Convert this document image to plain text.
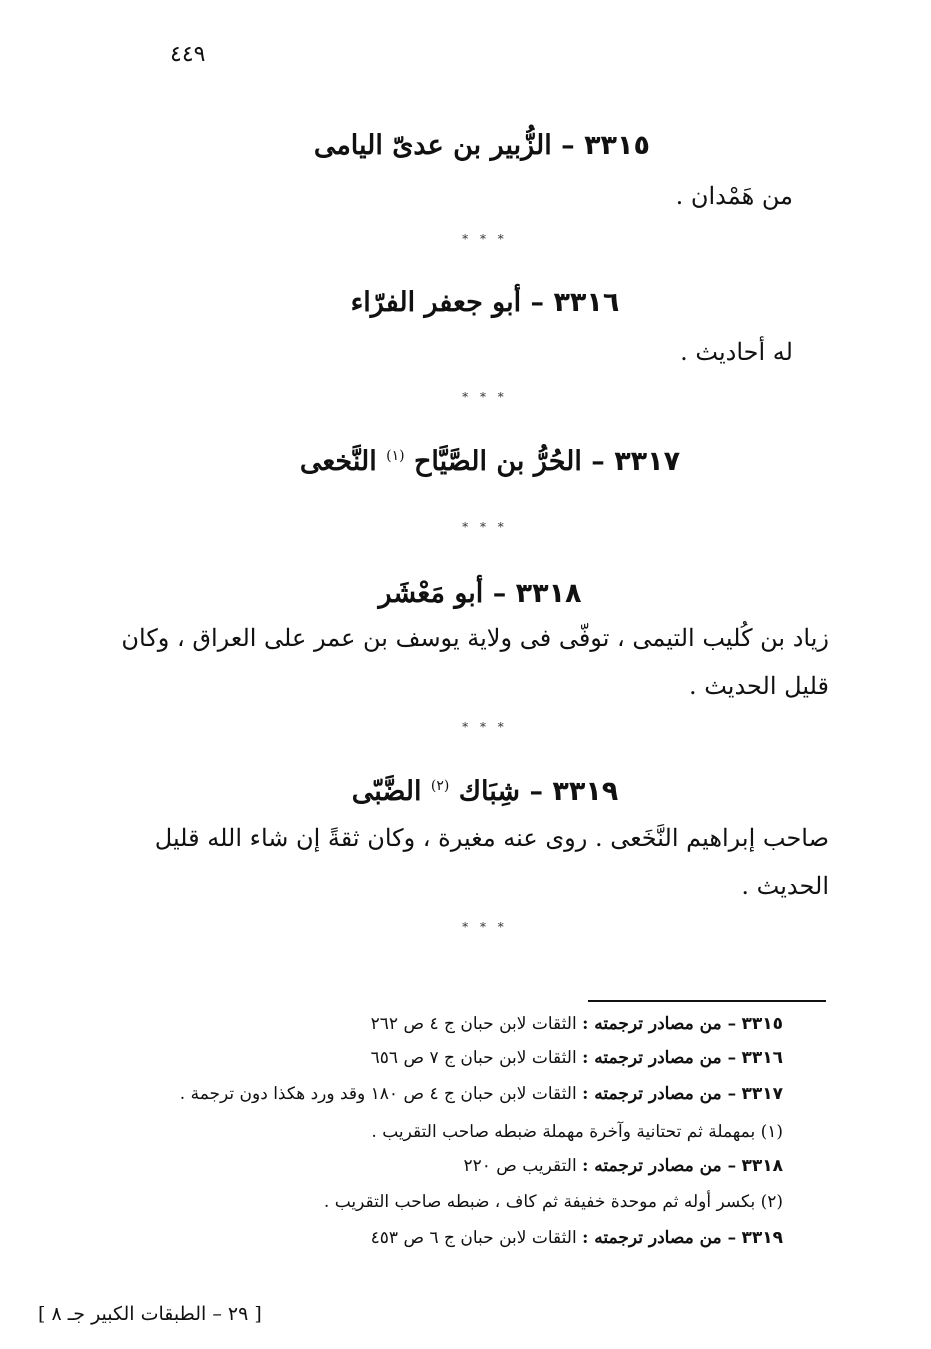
٤٤٩
٣٣١٥ – الزُّبير بن عدىّ اليامى
من هَمْدان .
* * *
٣٣١٦ – أبو جعفر الفرّاء
له أحاديث .
* * *
٣٣١٧ – الحُرُّ بن الصَّيَّاح $^{(١)}$ النَّخعى
* * *
٣٣١٨ – أبو مَعْشَر
زياد بن كُليب التيمى ، توفّى فى ولاية يوسف بن عمر على العراق ، وكان
قليل الحديث .
* * *
٣٣١٩ – شِبَاك $^{(٢)}$ الضَّبّى
صاحب إبراهيم النَّخَعى . روى عنه مغيرة ، وكان ثقةً إن شاء الله قليل
الحديث .
* * *
٣٣١٥ – من مصادر ترجمته : الثقات لابن حبان ج ٤ ص ٢٦٢
٣٣١٦ – من مصادر ترجمته : الثقات لابن حبان ج ٧ ص ٦٥٦
٣٣١٧ – من مصادر ترجمته : الثقات لابن حبان ج ٤ ص ١٨٠ وقد ورد هكذا دون ترجمة .
(١) بمهملة ثم تحتانية وآخرة مهملة ضبطه صاحب التقريب .
٣٣١٨ – من مصادر ترجمته : التقريب ص ٢٢٠
(٢) بكسر أوله ثم موحدة خفيفة ثم كاف ، ضبطه صاحب التقريب .
٣٣١٩ – من مصادر ترجمته : الثقات لابن حبان ج ٦ ص ٤٥٣
[ ٢٩ – الطبقات الكبير جـ ٨ ]
